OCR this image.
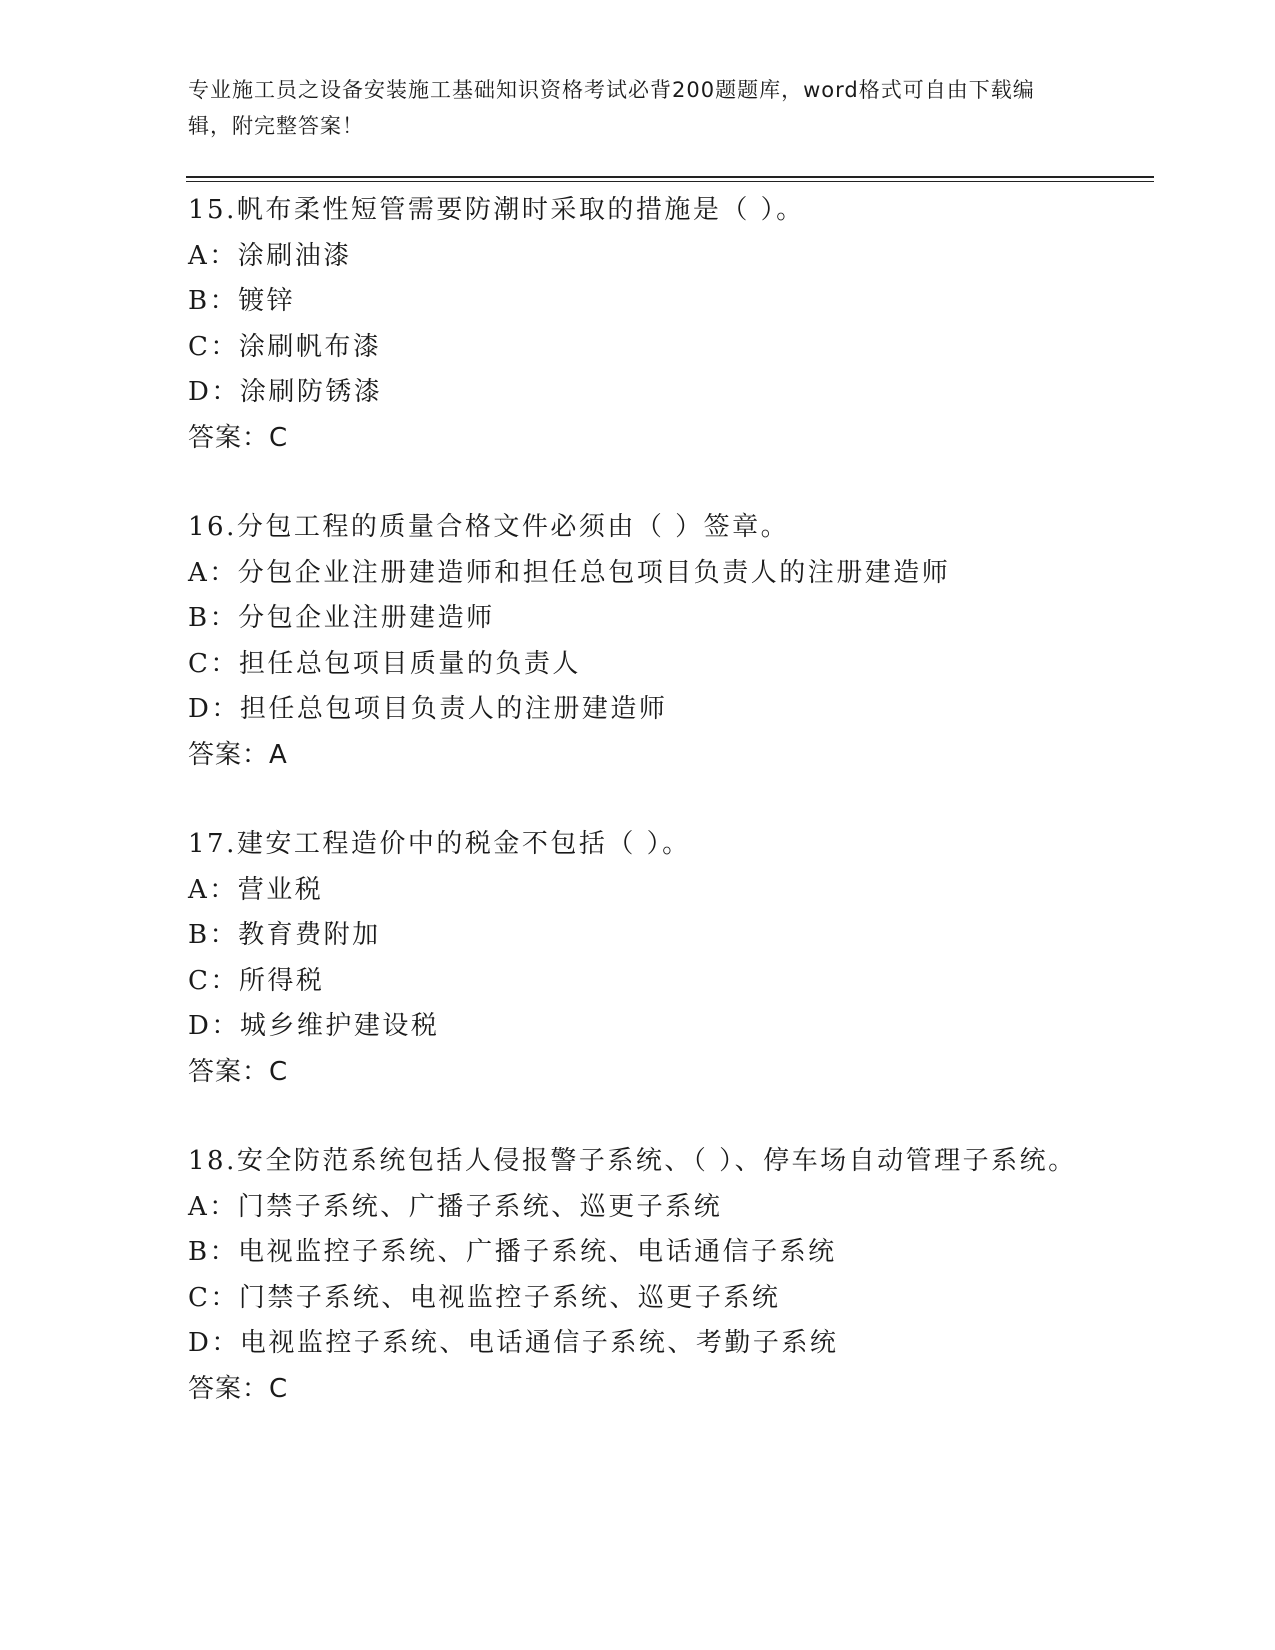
专业施工员之设备安装施工基础知识资格考试必背200题题库，word格式可自由下载编辑，附完整答案！
15.帆布柔性短管需要防潮时采取的措施是（ ）。
A：涂刷油漆
B：镀锌
C：涂刷帆布漆
D：涂刷防锈漆
答案：C
16.分包工程的质量合格文件必须由（ ）签章。
A：分包企业注册建造师和担任总包项目负责人的注册建造师
B：分包企业注册建造师
C：担任总包项目质量的负责人
D：担任总包项目负责人的注册建造师
答案：A
17.建安工程造价中的税金不包括（ ）。
A：营业税
B：教育费附加
C：所得税
D：城乡维护建设税
答案：C
18.安全防范系统包括人侵报警子系统、（ ）、停车场自动管理子系统。
A：门禁子系统、广播子系统、巡更子系统
B：电视监控子系统、广播子系统、电话通信子系统
C：门禁子系统、电视监控子系统、巡更子系统
D：电视监控子系统、电话通信子系统、考勤子系统
答案：C
